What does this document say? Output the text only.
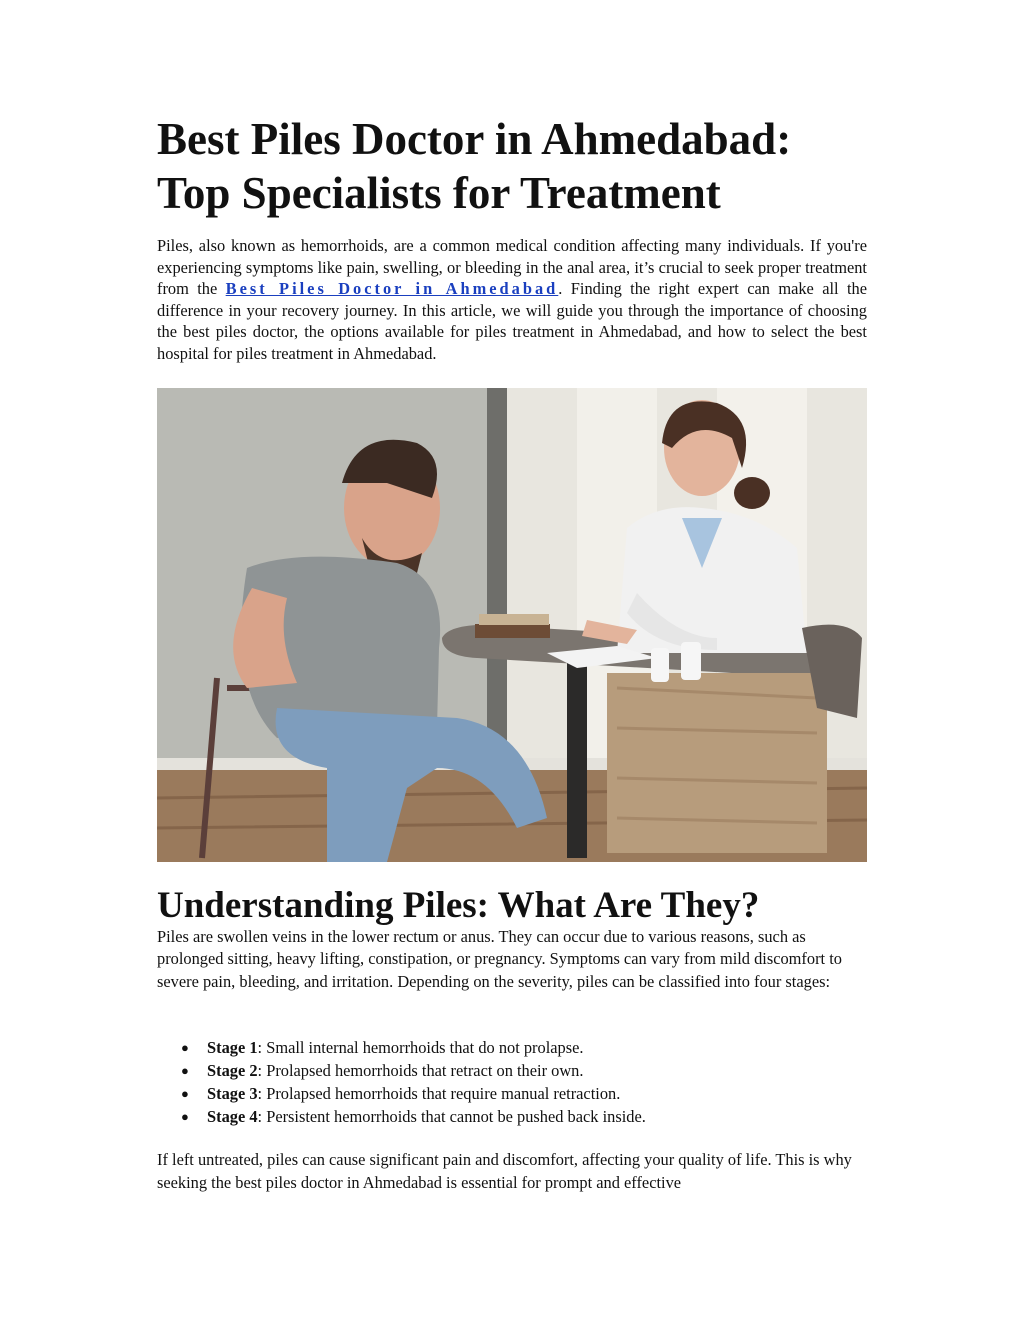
Best Piles Doctor in Ahmedabad: Top Specialists for Treatment

Piles, also known as hemorrhoids, are a common medical condition affecting many individuals. If you're experiencing symptoms like pain, swelling, or bleeding in the anal area, it’s crucial to seek proper treatment from the Best Piles Doctor in Ahmedabad. Finding the right expert can make all the difference in your recovery journey. In this article, we will guide you through the importance of choosing the best piles doctor, the options available for piles treatment in Ahmedabad, and how to select the best hospital for piles treatment in Ahmedabad.

Understanding Piles: What Are They?

Piles are swollen veins in the lower rectum or anus. They can occur due to various reasons, such as prolonged sitting, heavy lifting, constipation, or pregnancy. Symptoms can vary from mild discomfort to severe pain, bleeding, and irritation. Depending on the severity, piles can be classified into four stages:

● Stage 1: Small internal hemorrhoids that do not prolapse.
● Stage 2: Prolapsed hemorrhoids that retract on their own.
● Stage 3: Prolapsed hemorrhoids that require manual retraction.
● Stage 4: Persistent hemorrhoids that cannot be pushed back inside.

If left untreated, piles can cause significant pain and discomfort, affecting your quality of life. This is why seeking the best piles doctor in Ahmedabad is essential for prompt and effective
